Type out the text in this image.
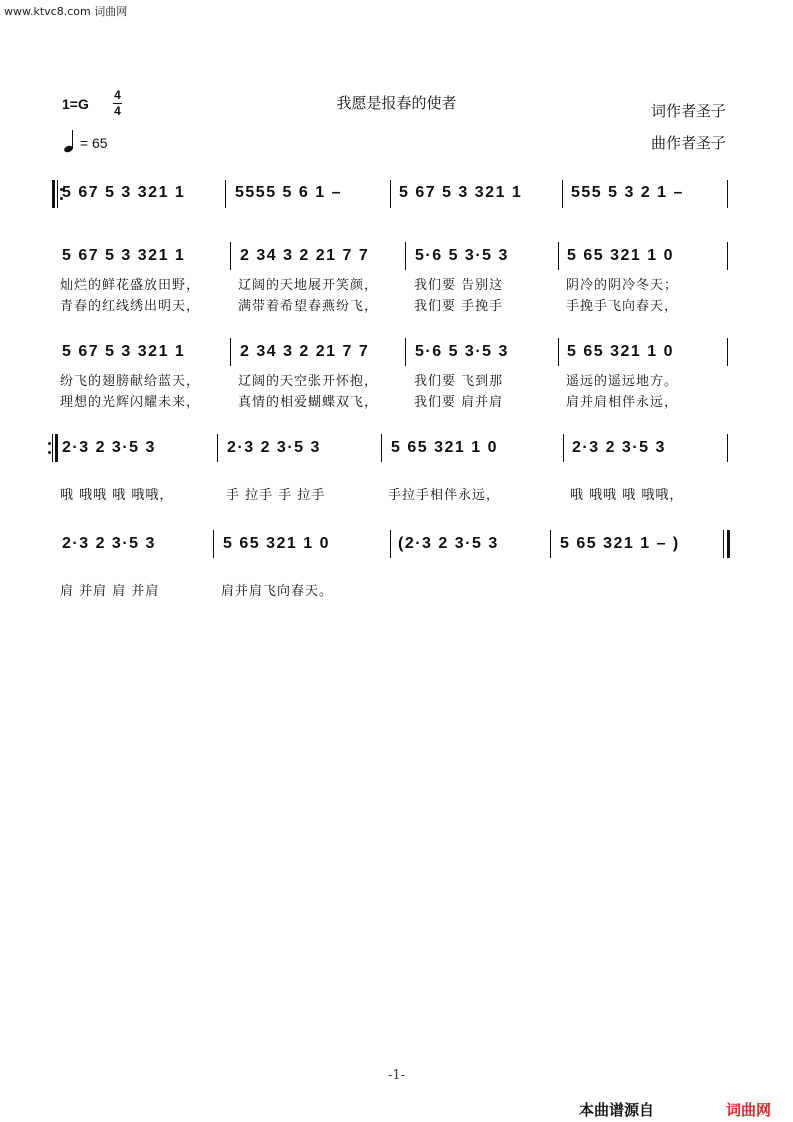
www.ktvc8.com 词曲网
我愿是报春的使者	词作者圣子
曲作者圣子
1=G
4
4
= 65
5 67 5 3 321 1	5555 5 6 1 –	5 67 5 3 321 1	555 5 3 2 1 –
5 67 5 3 321 1	2 34 3 2 21 7 7	5·6 5 3·5 3	5 65 321 1 0
灿烂的鲜花盛放田野，	辽阔的天地展开笑颜，	我们要 告别这	阴冷的阴冷冬天；
青春的红线绣出明天，	满带着希望春燕纷飞，	我们要 手挽手	手挽手飞向春天，
5 67 5 3 321 1	2 34 3 2 21 7 7	5·6 5 3·5 3	5 65 321 1 0
纷飞的翅膀献给蓝天，	辽阔的天空张开怀抱，	我们要 飞到那	遥远的遥远地方。
理想的光辉闪耀未来，	真情的相爱蝴蝶双飞，	我们要 肩并肩	肩并肩相伴永远，
2·3 2 3·5 3	2·3 2 3·5 3	5 65 321 1 0	2·3 2 3·5 3
哦 哦哦 哦 哦哦，	手 拉手 手 拉手	手拉手相伴永远，	哦 哦哦 哦 哦哦，
2·3 2 3·5 3	5 65 321 1 0	(2·3 2 3·5 3	5 65 321 1 – )
肩 并肩 肩 并肩	肩并肩飞向春天。
-1-
本曲谱源自	词曲网
